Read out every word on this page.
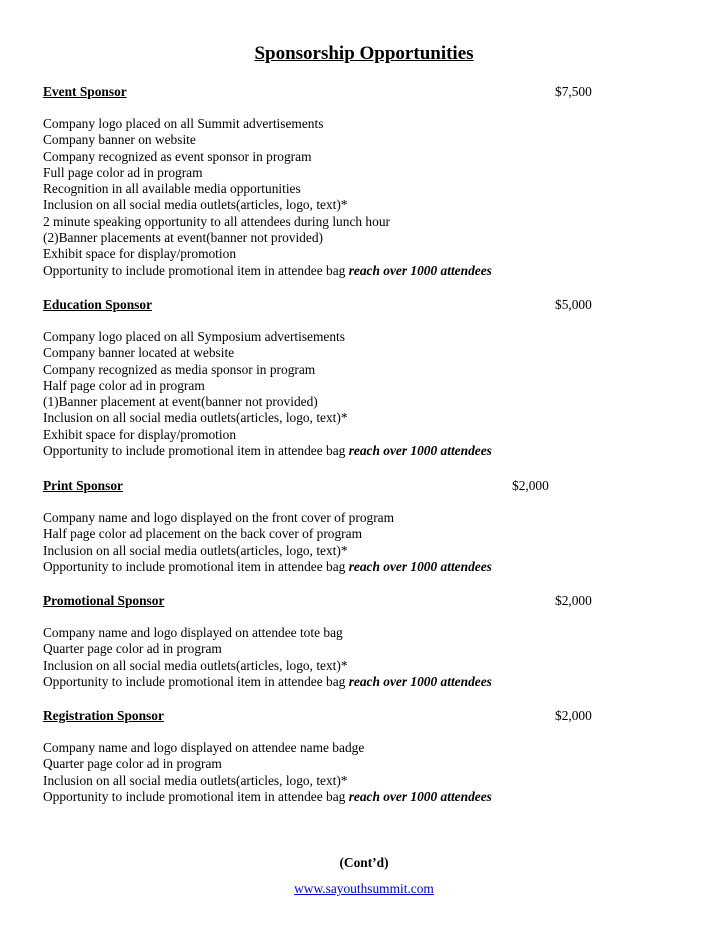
Sponsorship Opportunities
Event Sponsor	$7,500
Company logo placed on all Summit advertisements
Company banner on website
Company recognized as event sponsor in program
Full page color ad in program
Recognition in all available media opportunities
Inclusion on all social media outlets(articles, logo, text)*
2 minute speaking opportunity to all attendees during lunch hour
(2)Banner placements at event(banner not provided)
Exhibit space for display/promotion
Opportunity to include promotional item in attendee bag reach over 1000 attendees
Education Sponsor	$5,000
Company logo placed on all Symposium advertisements
Company banner located at website
Company recognized as media sponsor in program
Half page color ad in program
(1)Banner placement at event(banner not provided)
Inclusion on all social media outlets(articles, logo, text)*
Exhibit space for display/promotion
Opportunity to include promotional item in attendee bag reach over 1000 attendees
Print Sponsor	$2,000
Company name and logo displayed on the front cover of program
Half page color ad placement on the back cover of program
Inclusion on all social media outlets(articles, logo, text)*
Opportunity to include promotional item in attendee bag reach over 1000 attendees
Promotional Sponsor	$2,000
Company name and logo displayed on attendee tote bag
Quarter page color ad in program
Inclusion on all social media outlets(articles, logo, text)*
Opportunity to include promotional item in attendee bag reach over 1000 attendees
Registration Sponsor	$2,000
Company name and logo displayed on attendee name badge
Quarter page color ad in program
Inclusion on all social media outlets(articles, logo, text)*
Opportunity to include promotional item in attendee bag reach over 1000 attendees
(Cont’d)
www.sayouthsummit.com
